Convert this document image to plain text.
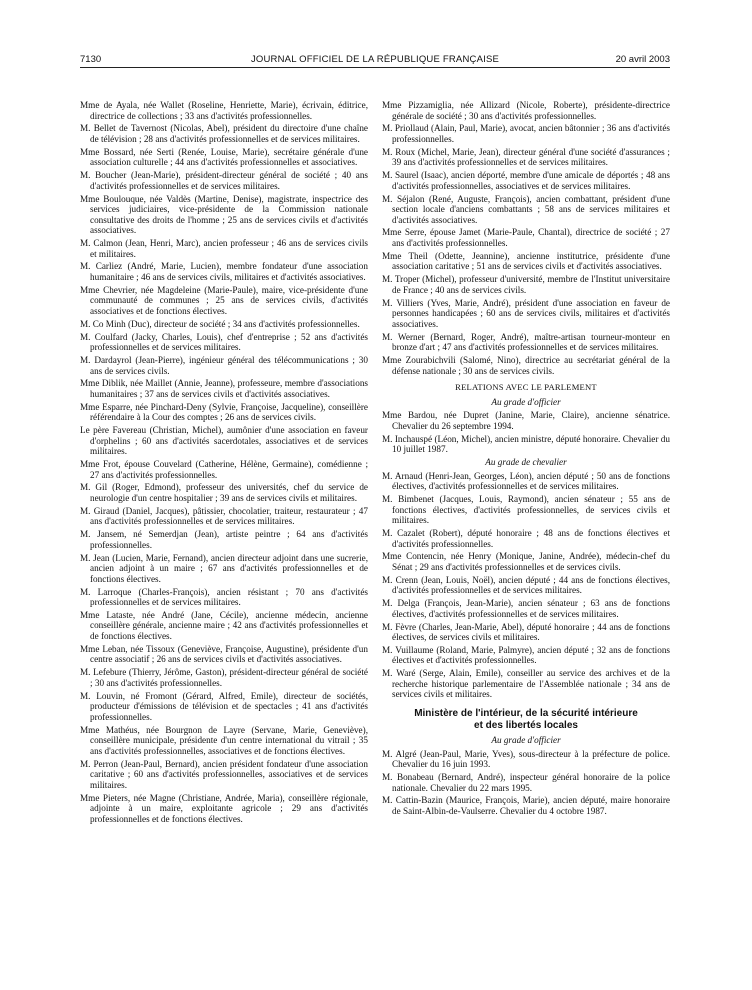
7130	JOURNAL OFFICIEL DE LA RÉPUBLIQUE FRANÇAISE	20 avril 2003

Mme de Ayala, née Wallet (Roseline, Henriette, Marie), écrivain, éditrice, directrice de collections ; 33 ans d'activités professionnelles.

M. Bellet de Tavernost (Nicolas, Abel), président du directoire d'une chaîne de télévision ; 28 ans d'activités professionnelles et de services militaires.

Mme Bossard, née Serti (Renée, Louise, Marie), secrétaire générale d'une association culturelle ; 44 ans d'activités professionnelles et associatives.

M. Boucher (Jean-Marie), président-directeur général de société ; 40 ans d'activités professionnelles et de services militaires.

Mme Boulouque, née Valdès (Martine, Denise), magistrate, inspectrice des services judiciaires, vice-présidente de la Commission nationale consultative des droits de l'homme ; 25 ans de services civils et d'activités associatives.

M. Calmon (Jean, Henri, Marc), ancien professeur ; 46 ans de services civils et militaires.

M. Carliez (André, Marie, Lucien), membre fondateur d'une association humanitaire ; 46 ans de services civils, militaires et d'activités associatives.

Mme Chevrier, née Magdeleine (Marie-Paule), maire, vice-présidente d'une communauté de communes ; 25 ans de services civils, d'activités associatives et de fonctions électives.

M. Co Minh (Duc), directeur de société ; 34 ans d'activités professionnelles.

M. Coulfard (Jacky, Charles, Louis), chef d'entreprise ; 52 ans d'activités professionnelles et de services militaires.

M. Dardayrol (Jean-Pierre), ingénieur général des télécommunications ; 30 ans de services civils.

Mme Diblik, née Maillet (Annie, Jeanne), professeure, membre d'associations humanitaires ; 37 ans de services civils et d'activités associatives.

Mme Esparre, née Pinchard-Deny (Sylvie, Françoise, Jacqueline), conseillère référendaire à la Cour des comptes ; 26 ans de services civils.

Le père Favereau (Christian, Michel), aumônier d'une association en faveur d'orphelins ; 60 ans d'activités sacerdotales, associatives et de services militaires.

Mme Frot, épouse Couvelard (Catherine, Hélène, Germaine), comédienne ; 27 ans d'activités professionnelles.

M. Gil (Roger, Edmond), professeur des universités, chef du service de neurologie d'un centre hospitalier ; 39 ans de services civils et militaires.

M. Giraud (Daniel, Jacques), pâtissier, chocolatier, traiteur, restaurateur ; 47 ans d'activités professionnelles et de services militaires.

M. Jansem, né Semerdjan (Jean), artiste peintre ; 64 ans d'activités professionnelles.

M. Jean (Lucien, Marie, Fernand), ancien directeur adjoint dans une sucrerie, ancien adjoint à un maire ; 67 ans d'activités professionnelles et de fonctions électives.

M. Larroque (Charles-François), ancien résistant ; 70 ans d'activités professionnelles et de services militaires.

Mme Lataste, née André (Jane, Cécile), ancienne médecin, ancienne conseillère générale, ancienne maire ; 42 ans d'activités professionnelles et de fonctions électives.

Mme Leban, née Tissoux (Geneviève, Françoise, Augustine), présidente d'un centre associatif ; 26 ans de services civils et d'activités associatives.

M. Lefebure (Thierry, Jérôme, Gaston), président-directeur général de société ; 30 ans d'activités professionnelles.

M. Louvin, né Fromont (Gérard, Alfred, Emile), directeur de sociétés, producteur d'émissions de télévision et de spectacles ; 41 ans d'activités professionnelles.

Mme Mathéus, née Bourgnon de Layre (Servane, Marie, Geneviève), conseillère municipale, présidente d'un centre international du vitrail ; 35 ans d'activités professionnelles, associatives et de fonctions électives.

M. Perron (Jean-Paul, Bernard), ancien président fondateur d'une association caritative ; 60 ans d'activités professionnelles, associatives et de services militaires.

Mme Pieters, née Magne (Christiane, Andrée, Maria), conseillère régionale, adjointe à un maire, exploitante agricole ; 29 ans d'activités professionnelles et de fonctions électives.

Mme Pizzamiglia, née Allizard (Nicole, Roberte), présidente-directrice générale de société ; 30 ans d'activités professionnelles.

M. Priollaud (Alain, Paul, Marie), avocat, ancien bâtonnier ; 36 ans d'activités professionnelles.

M. Roux (Michel, Marie, Jean), directeur général d'une société d'assurances ; 39 ans d'activités professionnelles et de services militaires.

M. Saurel (Isaac), ancien déporté, membre d'une amicale de déportés ; 48 ans d'activités professionnelles, associatives et de services militaires.

M. Séjalon (René, Auguste, François), ancien combattant, président d'une section locale d'anciens combattants ; 58 ans de services militaires et d'activités associatives.

Mme Serre, épouse Jamet (Marie-Paule, Chantal), directrice de société ; 27 ans d'activités professionnelles.

Mme Theil (Odette, Jeannine), ancienne institutrice, présidente d'une association caritative ; 51 ans de services civils et d'activités associatives.

M. Troper (Michel), professeur d'université, membre de l'Institut universitaire de France ; 40 ans de services civils.

M. Villiers (Yves, Marie, André), président d'une association en faveur de personnes handicapées ; 60 ans de services civils, militaires et d'activités associatives.

M. Werner (Bernard, Roger, André), maître-artisan tourneur-monteur en bronze d'art ; 47 ans d'activités professionnelles et de services militaires.

Mme Zourabichvili (Salomé, Nino), directrice au secrétariat général de la défense nationale ; 30 ans de services civils.

RELATIONS AVEC LE PARLEMENT
Au grade d'officier

Mme Bardou, née Dupret (Janine, Marie, Claire), ancienne sénatrice. Chevalier du 26 septembre 1994.

M. Inchauspé (Léon, Michel), ancien ministre, député honoraire. Chevalier du 10 juillet 1987.

Au grade de chevalier

M. Arnaud (Henri-Jean, Georges, Léon), ancien député ; 50 ans de fonctions électives, d'activités professionnelles et de services militaires.

M. Bimbenet (Jacques, Louis, Raymond), ancien sénateur ; 55 ans de fonctions électives, d'activités professionnelles, de services civils et militaires.

M. Cazalet (Robert), député honoraire ; 48 ans de fonctions électives et d'activités professionnelles.

Mme Contencin, née Henry (Monique, Janine, Andrée), médecin-chef du Sénat ; 29 ans d'activités professionnelles et de services civils.

M. Crenn (Jean, Louis, Noël), ancien député ; 44 ans de fonctions électives, d'activités professionnelles et de services militaires.

M. Delga (François, Jean-Marie), ancien sénateur ; 63 ans de fonctions électives, d'activités professionnelles et de services militaires.

M. Fèvre (Charles, Jean-Marie, Abel), député honoraire ; 44 ans de fonctions électives, de services civils et militaires.

M. Vuillaume (Roland, Marie, Palmyre), ancien député ; 32 ans de fonctions électives et d'activités professionnelles.

M. Waré (Serge, Alain, Emile), conseiller au service des archives et de la recherche historique parlementaire de l'Assemblée nationale ; 34 ans de services civils et militaires.

Ministère de l'intérieur, de la sécurité intérieure
et des libertés locales
Au grade d'officier

M. Algré (Jean-Paul, Marie, Yves), sous-directeur à la préfecture de police. Chevalier du 16 juin 1993.

M. Bonabeau (Bernard, André), inspecteur général honoraire de la police nationale. Chevalier du 22 mars 1995.

M. Cattin-Bazin (Maurice, François, Marie), ancien député, maire honoraire de Saint-Albin-de-Vaulserre. Chevalier du 4 octobre 1987.
